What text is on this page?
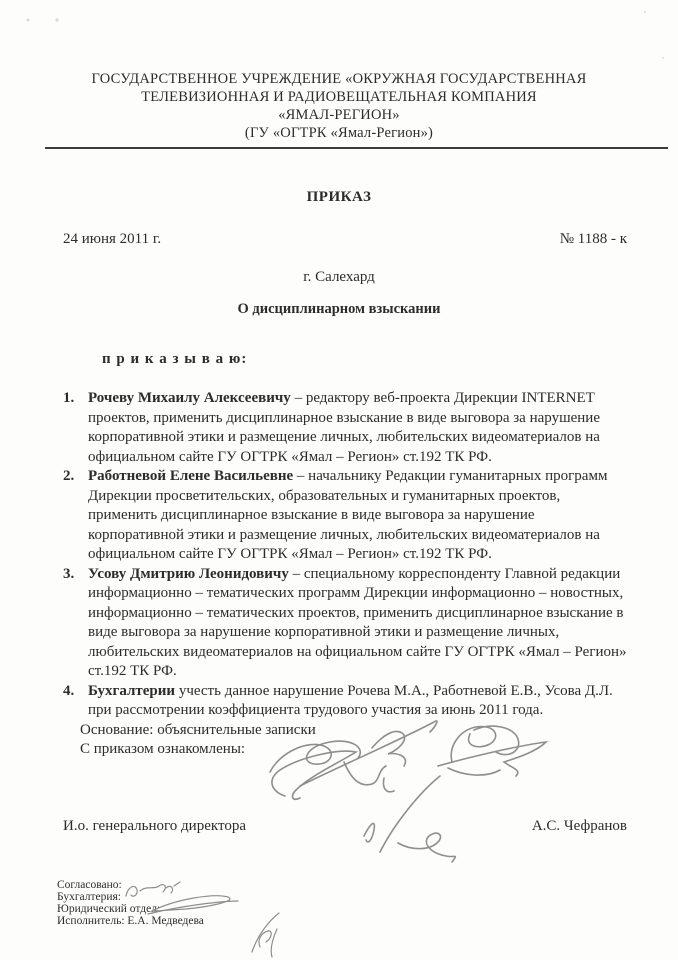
ГОСУДАРСТВЕННОЕ УЧРЕЖДЕНИЕ «ОКРУЖНАЯ ГОСУДАРСТВЕННАЯ
ТЕЛЕВИЗИОННАЯ И РАДИОВЕЩАТЕЛЬНАЯ КОМПАНИЯ
«ЯМАЛ-РЕГИОН»
(ГУ «ОГТРК «Ямал-Регион»)
ПРИКАЗ
24 июня 2011 г.	№ 1188 - к
г. Салехард
О дисциплинарном взыскании
п р и к а з ы в а ю:
1. Рочеву Михаилу Алексеевичу – редактору веб-проекта Дирекции INTERNET проектов, применить дисциплинарное взыскание в виде выговора за нарушение корпоративной этики и размещение личных, любительских видеоматериалов на официальном сайте ГУ ОГТРК «Ямал – Регион» ст.192 ТК РФ.
2. Работневой Елене Васильевне – начальнику Редакции гуманитарных программ Дирекции просветительских, образовательных и гуманитарных проектов, применить дисциплинарное взыскание в виде выговора за нарушение корпоративной этики и размещение личных, любительских видеоматериалов на официальном сайте ГУ ОГТРК «Ямал – Регион» ст.192 ТК РФ.
3. Усову Дмитрию Леонидовичу – специальному корреспонденту Главной редакции информационно – тематических программ Дирекции информационно – новостных, информационно – тематических проектов, применить дисциплинарное взыскание в виде выговора за нарушение корпоративной этики и размещение личных, любительских видеоматериалов на официальном сайте ГУ ОГТРК «Ямал – Регион» ст.192 ТК РФ.
4. Бухгалтерии учесть данное нарушение Рочева М.А., Работневой Е.В., Усова Д.Л. при рассмотрении коэффициента трудового участия за июнь 2011 года.
Основание: объяснительные записки
С приказом ознакомлены:
И.о. генерального директора	А.С. Чефранов
Согласовано:
Бухгалтерия:
Юридический отдел:
Исполнитель: Е.А. Медведева
